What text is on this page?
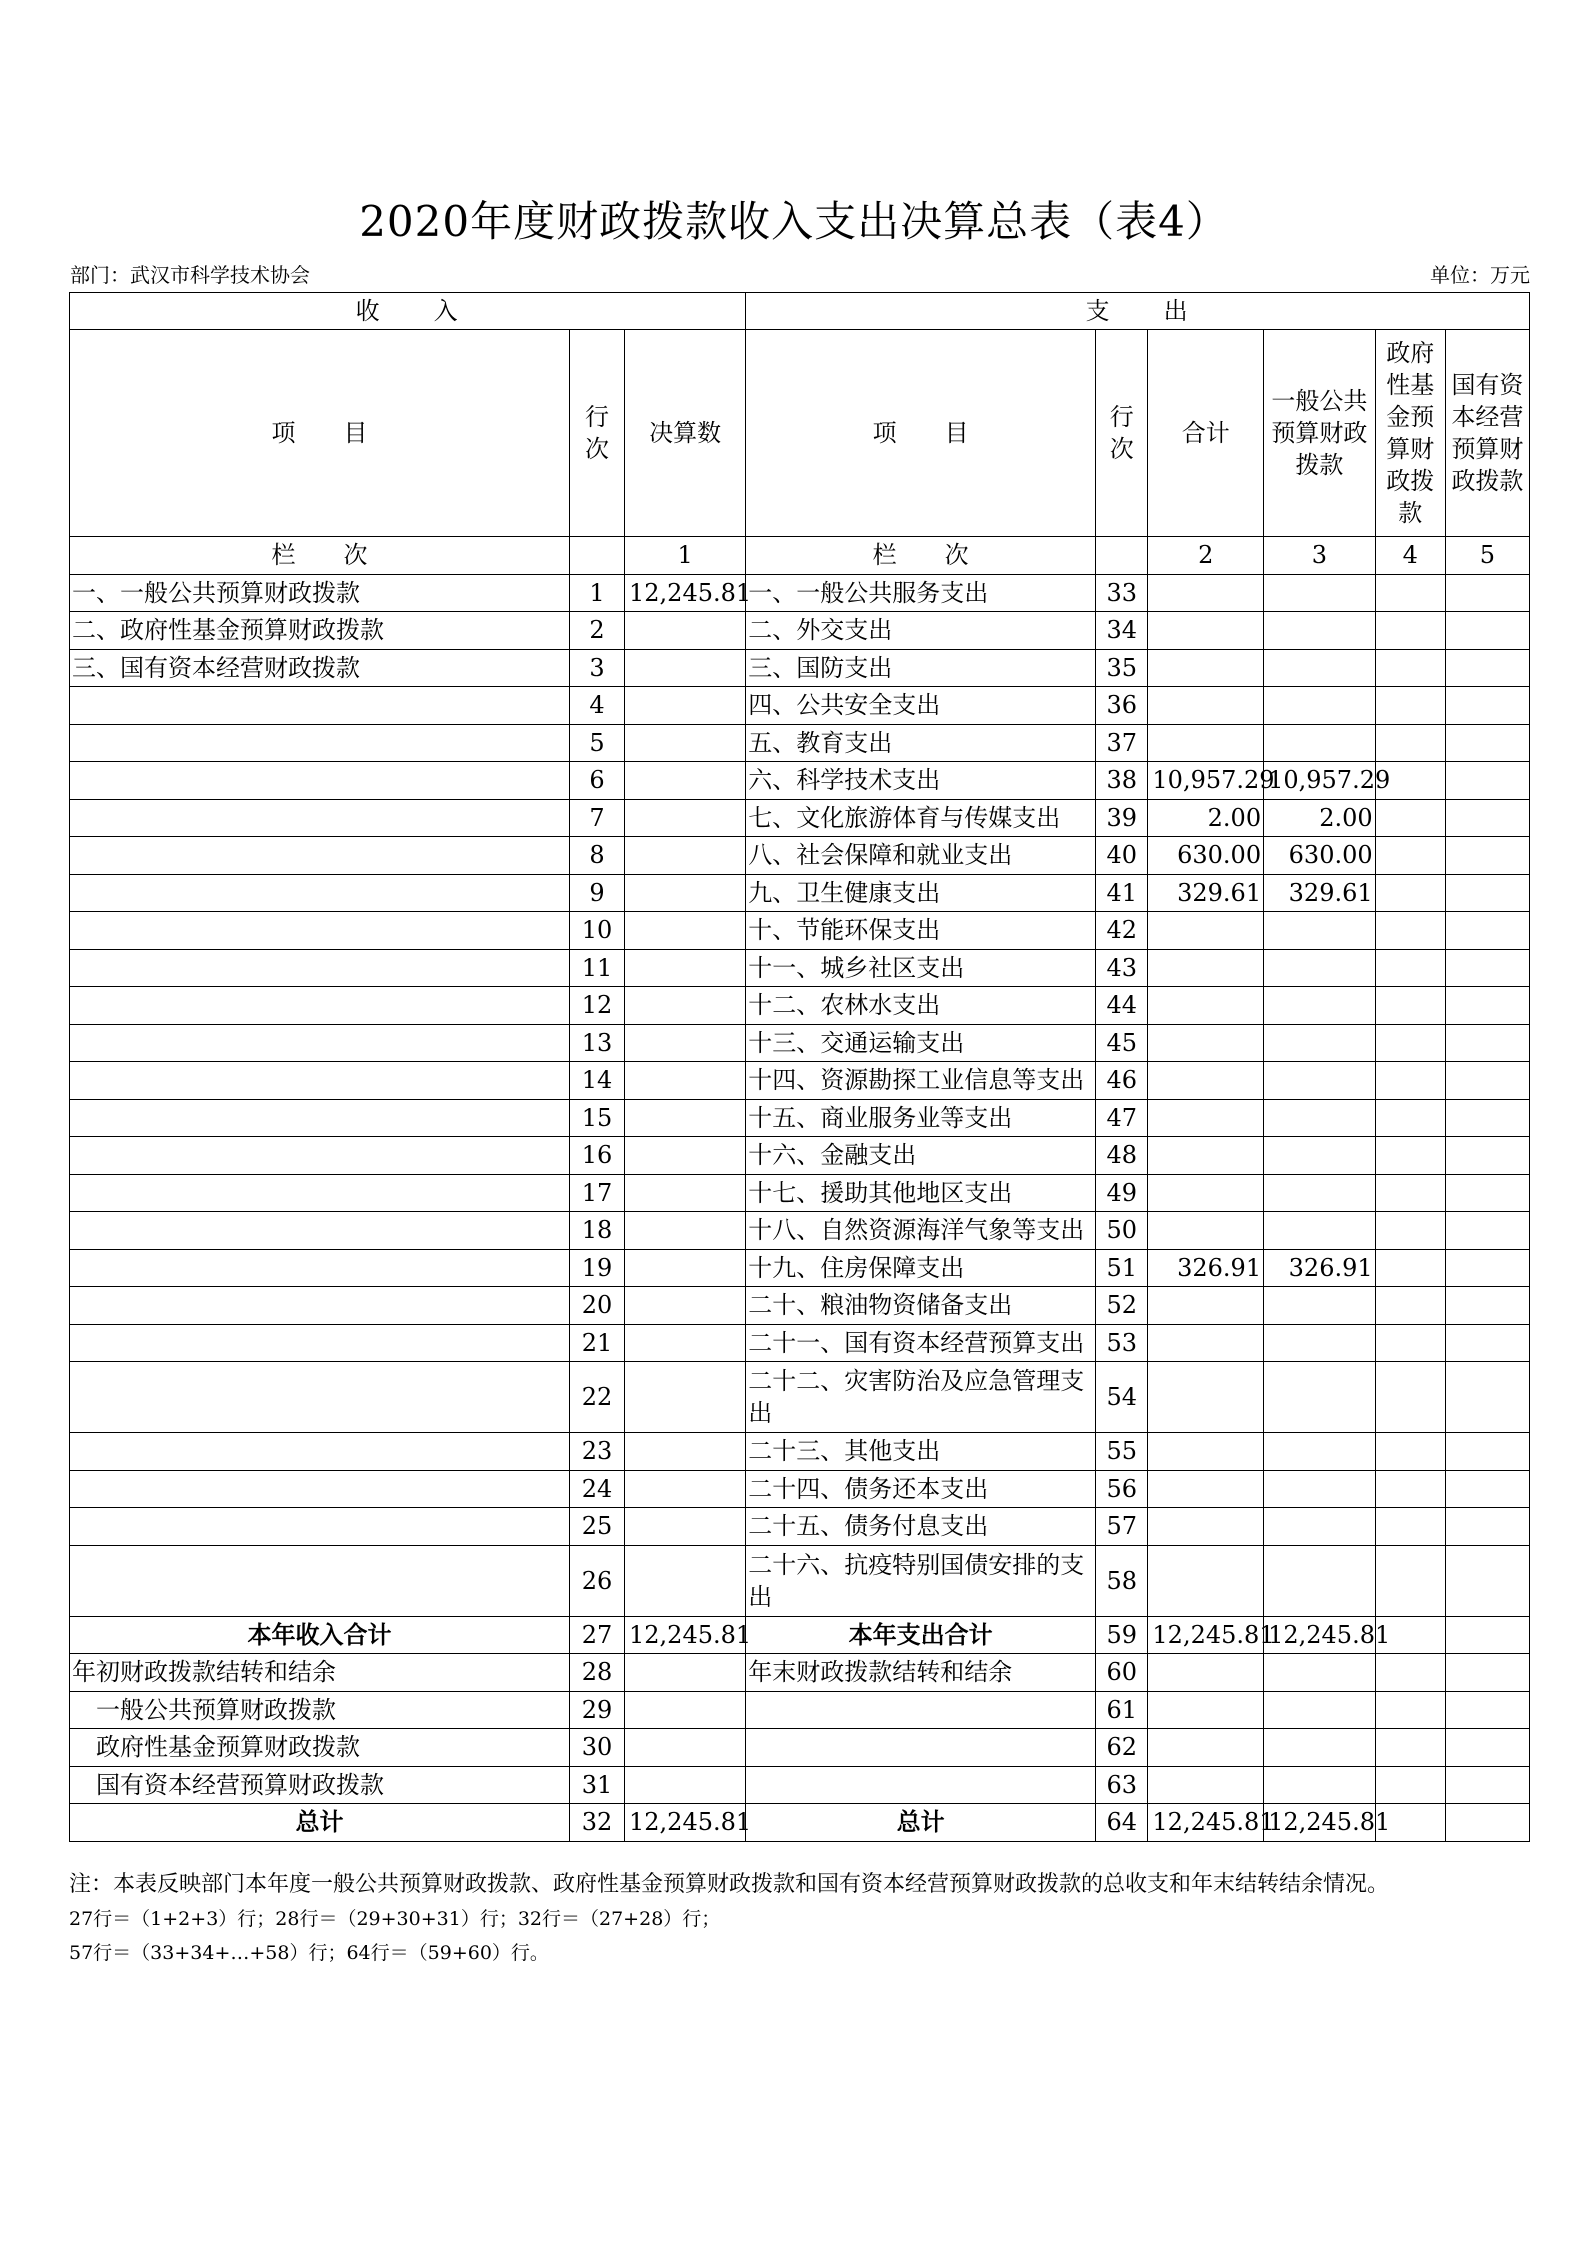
2020年度财政拨款收入支出决算总表（表4）
部门：武汉市科学技术协会	单位：万元
收　　入			支　　出					
项　　目	行次	决算数	项　　目	行次	合计	一般公共预算财政拨款	政府性基金预算财政拨款	国有资本经营预算财政拨款
栏　　次		1	栏　　次		2	3	4	5
一、一般公共预算财政拨款	1	12,245.81	一、一般公共服务支出	33				
二、政府性基金预算财政拨款	2		二、外交支出	34				
三、国有资本经营财政拨款	3		三、国防支出	35				
	4		四、公共安全支出	36				
	5		五、教育支出	37				
	6		六、科学技术支出	38	10,957.29	10,957.29		
	7		七、文化旅游体育与传媒支出	39	2.00	2.00		
	8		八、社会保障和就业支出	40	630.00	630.00		
	9		九、卫生健康支出	41	329.61	329.61		
	10		十、节能环保支出	42				
	11		十一、城乡社区支出	43				
	12		十二、农林水支出	44				
	13		十三、交通运输支出	45				
	14		十四、资源勘探工业信息等支出	46				
	15		十五、商业服务业等支出	47				
	16		十六、金融支出	48				
	17		十七、援助其他地区支出	49				
	18		十八、自然资源海洋气象等支出	50				
	19		十九、住房保障支出	51	326.91	326.91		
	20		二十、粮油物资储备支出	52				
	21		二十一、国有资本经营预算支出	53				
	22		二十二、灾害防治及应急管理支出	54				
	23		二十三、其他支出	55				
	24		二十四、债务还本支出	56				
	25		二十五、债务付息支出	57				
	26		二十六、抗疫特别国债安排的支出	58				
本年收入合计	27	12,245.81	本年支出合计	59	12,245.81	12,245.81		
年初财政拨款结转和结余	28		年末财政拨款结转和结余	60				
一般公共预算财政拨款	29			61				
政府性基金预算财政拨款	30			62				
国有资本经营预算财政拨款	31			63				
总计	32	12,245.81	总计	64	12,245.81	12,245.81		

注：本表反映部门本年度一般公共预算财政拨款、政府性基金预算财政拨款和国有资本经营预算财政拨款的总收支和年末结转结余情况。

27行＝（1+2+3）行；28行＝（29+30+31）行；32行＝（27+28）行；

57行＝（33+34+…+58）行；64行＝（59+60）行。
